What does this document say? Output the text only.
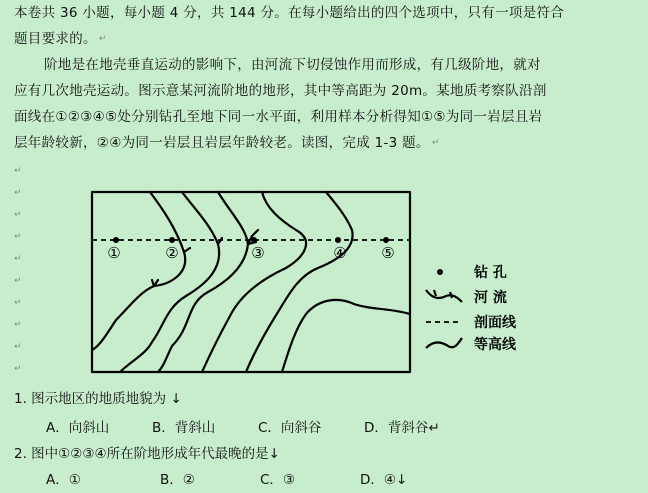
本卷共 36 小题，每小题 4 分，共 144 分。在每小题给出的四个选项中，只有一项是符合
题目要求的。 ↵
阶地是在地壳垂直运动的影响下，由河流下切侵蚀作用而形成，有几级阶地，就对
应有几次地壳运动。图示意某河流阶地的地形，其中等高距为 20m。某地质考察队沿剖
面线在①②③④⑤处分别钻孔至地下同一水平面，利用样本分析得知①⑤为同一岩层且岩
层年龄较新，②④为同一岩层且岩层年龄较老。读图，完成 1-3 题。 ↵
↵
↵
↵
↵
↵
↵
↵
↵
↵
↵
①	②	③	④ ⑤
钻 孔
河 流
剖面线
等高线
1. 图示地区的地质地貌为 ↓
A．向斜山	B．背斜山	C．向斜谷	D．背斜谷↵
2. 图中①②③④所在阶地形成年代最晚的是↓
A．①	B．②	C．③	D．④↓
